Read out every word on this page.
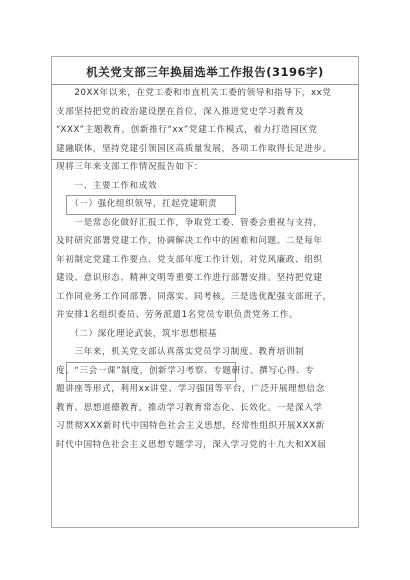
机关党支部三年换届选举工作报告(3196字)
　　20XX年以来，在党工委和市直机关工委的领导和指导下，xx党
支部坚持把党的政治建设摆在首位，深入推进党史学习教育及
“XXX”主题教育，创新推行“xx”党建工作模式，着力打造园区党
建融联体，坚持党建引领园区高质量发展，各项工作取得长足进步。
现将三年来支部工作情况报告如下：
　　一、主要工作和成效
　　（一）强化组织领导，扛起党建职责
　　一是常态化做好汇报工作，争取党工委、管委会重视与支持，
及时研究部署党建工作，协调解决工作中的困难和问题。二是每年
年初制定党建工作要点、党支部年度工作计划，对党风廉政、组织
建设、意识形态、精神文明等重要工作进行部署安排。坚持把党建
工作同业务工作同部署、同落实、同考核。三是选优配强支部班子，
并安排1名组织委员、劳务派遣1名党员专职负责党务工作。
　　（二）深化理论武装，筑牢思想根基
　　三年来，机关党支部认真落实党员学习制度、教育培训制
度、“三会一课”制度，创新学习考察、专题研讨、撰写心得、专
题讲座等形式，利用xx讲堂、学习强国等平台，广泛开展理想信念
教育、思想道德教育，推动学习教育常态化、长效化。一是深入学
习贯彻XXX新时代中国特色社会主义思想，经常性组织开展XXX新
时代中国特色社会主义思想专题学习，深入学习党的十九大和XX届
